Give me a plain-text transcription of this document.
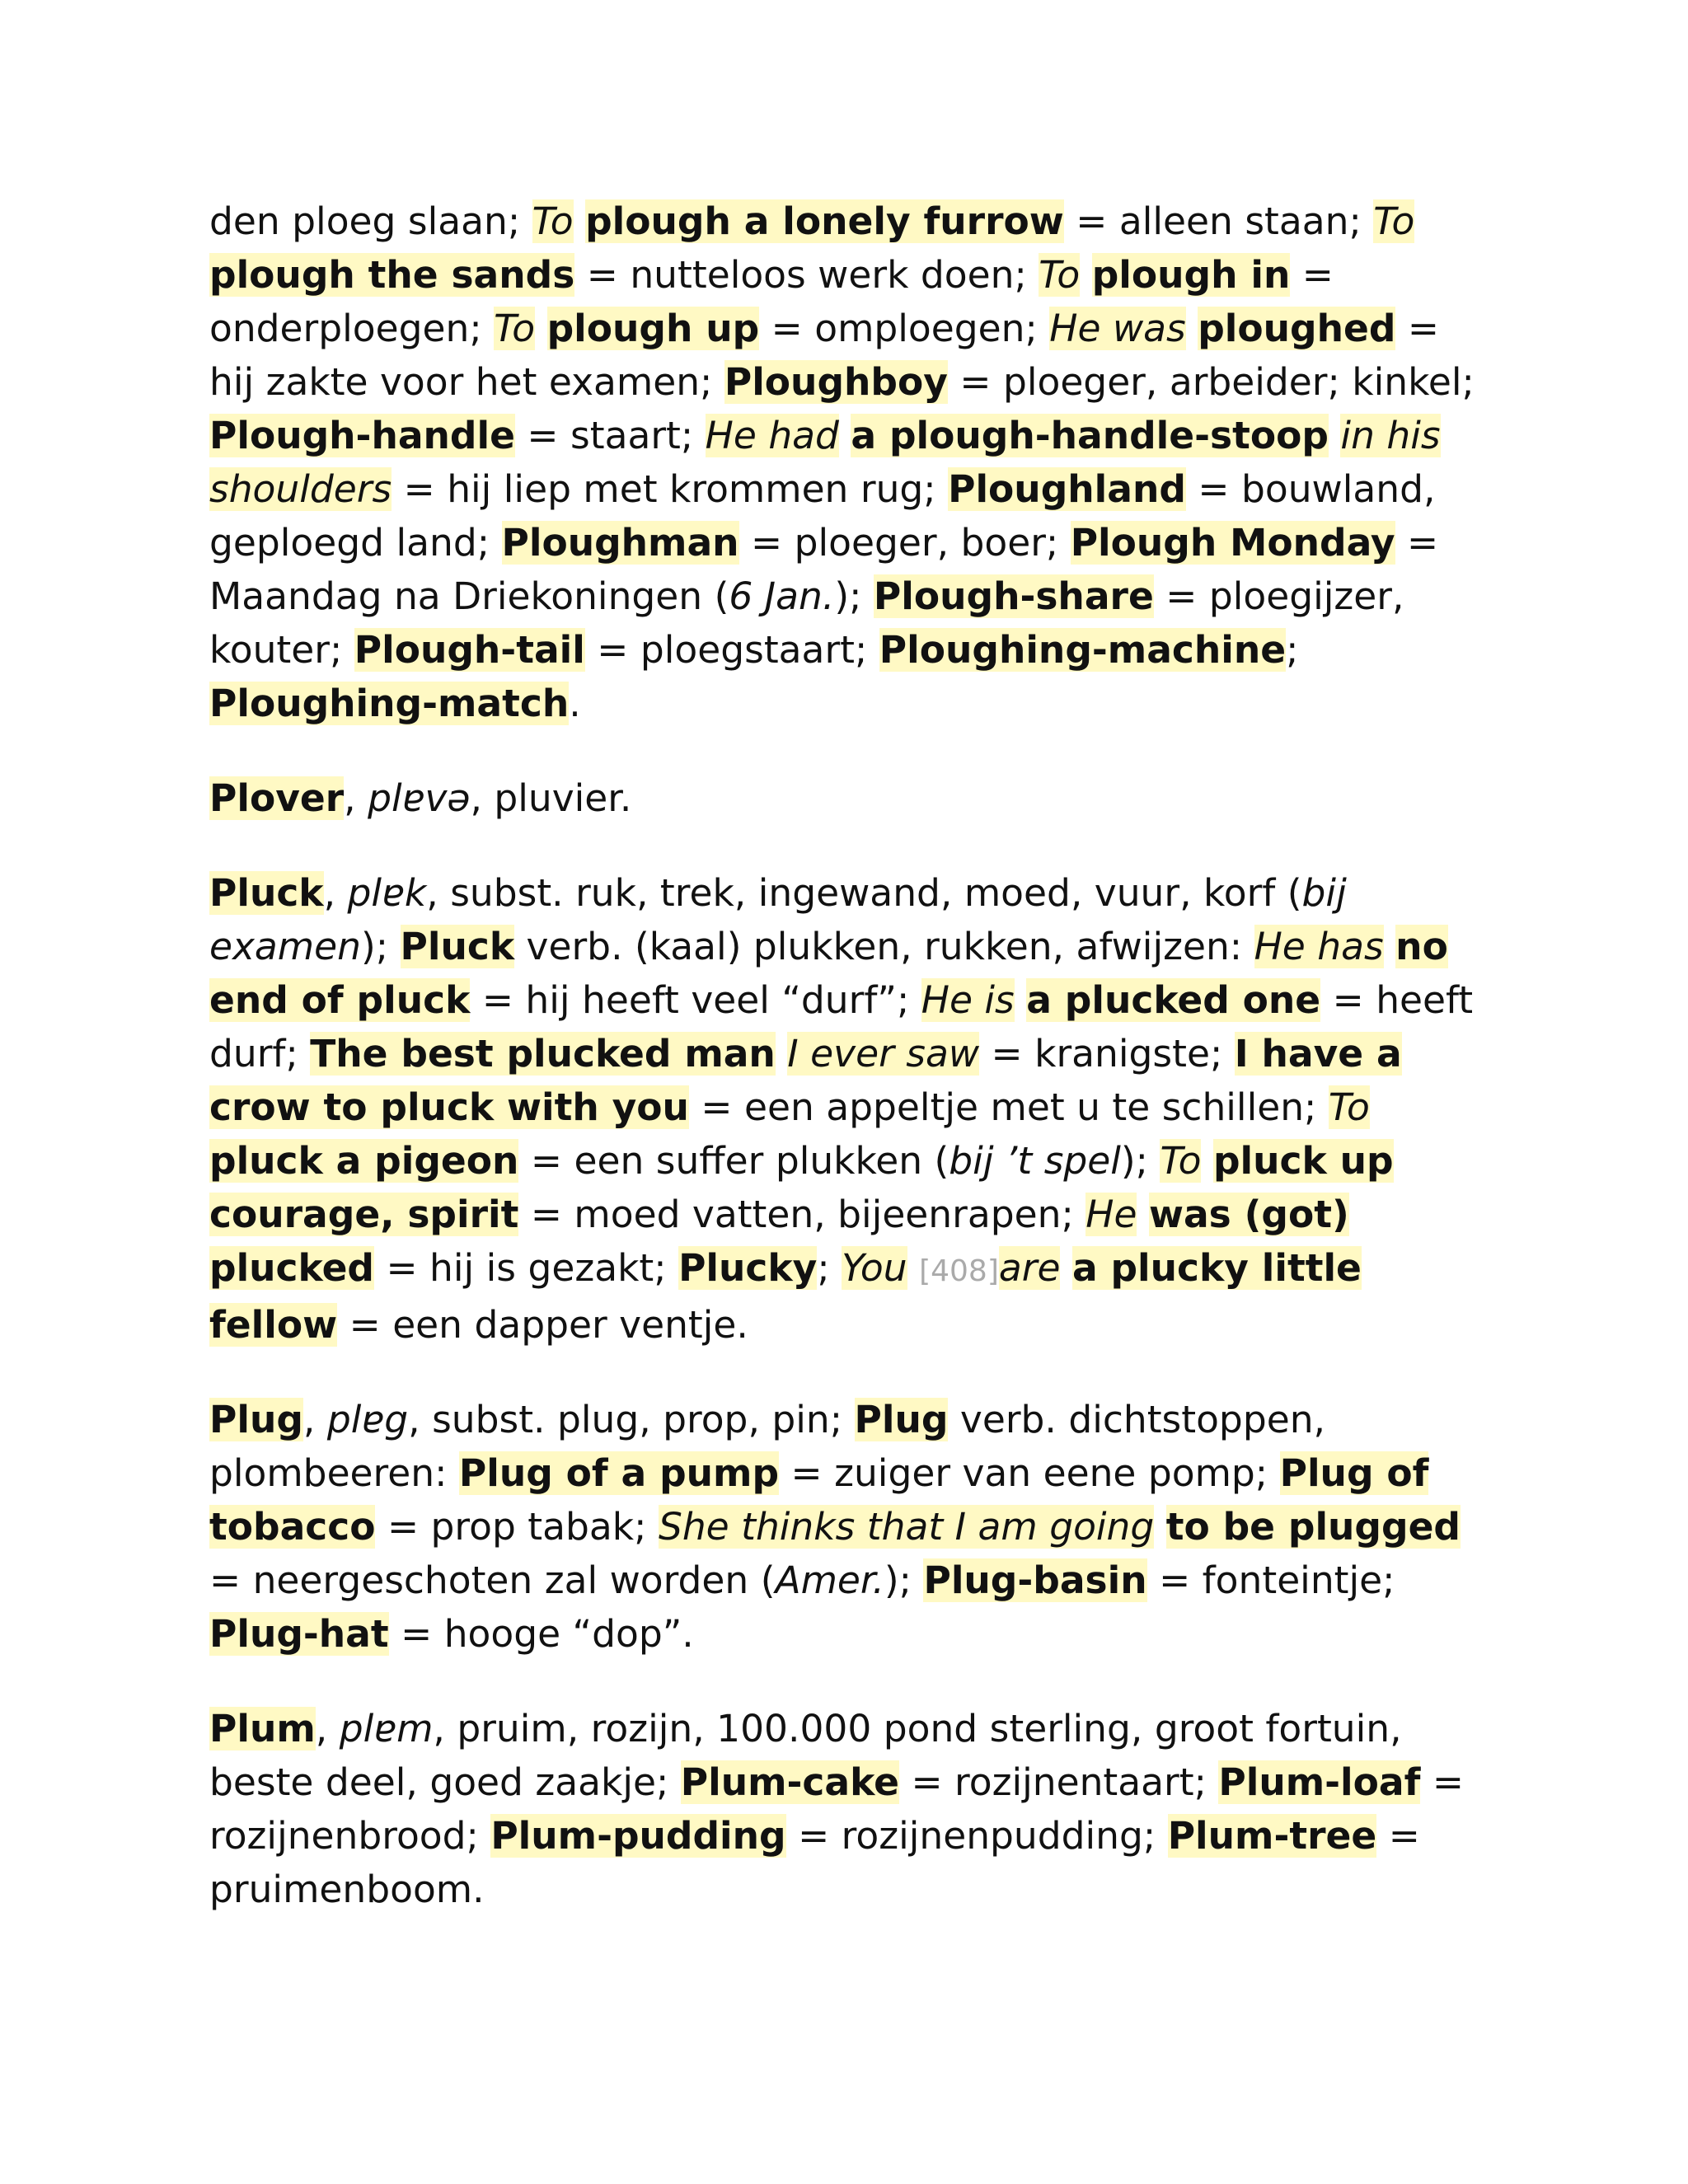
den ploeg slaan; To plough a lonely furrow = alleen staan; To plough the sands = nutteloos werk doen; To plough in = onderploegen; To plough up = omploegen; He was ploughed = hij zakte voor het examen; Ploughboy = ploeger, arbeider; kinkel; Plough-handle = staart; He had a plough-handle-stoop in his shoulders = hij liep met krommen rug; Ploughland = bouwland, geploegd land; Ploughman = ploeger, boer; Plough Monday = Maandag na Driekoningen (6 Jan.); Plough-share = ploegijzer, kouter; Plough-tail = ploegstaart; Ploughing-machine; Ploughing-match.

Plover, plɐvə, pluvier.

Pluck, plɐk, subst. ruk, trek, ingewand, moed, vuur, korf (bij examen); Pluck verb. (kaal) plukken, rukken, afwijzen: He has no end of pluck = hij heeft veel “durf”; He is a plucked one = heeft durf; The best plucked man I ever saw = kranigste; I have a crow to pluck with you = een appeltje met u te schillen; To pluck a pigeon = een suffer plukken (bij ’t spel); To pluck up courage, spirit = moed vatten, bijeenrapen; He was (got) plucked = hij is gezakt; Plucky; You [408]are a plucky little fellow = een dapper ventje.

Plug, plɐg, subst. plug, prop, pin; Plug verb. dichtstoppen, plombeeren: Plug of a pump = zuiger van eene pomp; Plug of tobacco = prop tabak; She thinks that I am going to be plugged = neergeschoten zal worden (Amer.); Plug-basin = fonteintje; Plug-hat = hooge “dop”.

Plum, plɐm, pruim, rozijn, 100.000 pond sterling, groot fortuin, beste deel, goed zaakje; Plum-cake = rozijnentaart; Plum-loaf = rozijnenbrood; Plum-pudding = rozijnenpudding; Plum-tree = pruimenboom.
